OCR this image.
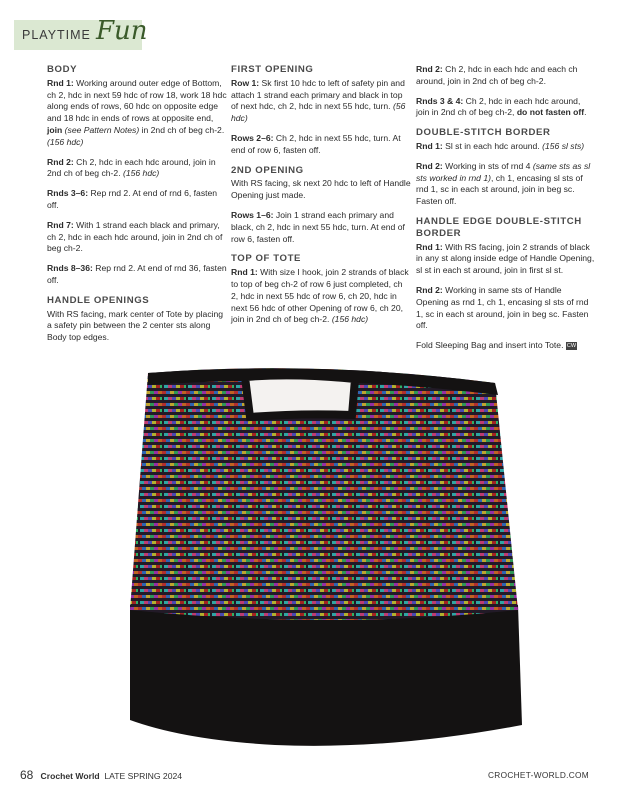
PLAYTIME Fun
BODY
Rnd 1: Working around outer edge of Bottom, ch 2, hdc in next 59 hdc of row 18, work 18 hdc along ends of rows, 60 hdc on opposite edge and 18 hdc in ends of rows at opposite end, join (see Pattern Notes) in 2nd ch of beg ch-2. (156 hdc)
Rnd 2: Ch 2, hdc in each hdc around, join in 2nd ch of beg ch-2. (156 hdc)
Rnds 3–6: Rep rnd 2. At end of rnd 6, fasten off.
Rnd 7: With 1 strand each black and primary, ch 2, hdc in each hdc around, join in 2nd ch of beg ch-2.
Rnds 8–36: Rep rnd 2. At end of rnd 36, fasten off.
HANDLE OPENINGS
With RS facing, mark center of Tote by placing a safety pin between the 2 center sts along Body top edges.
FIRST OPENING
Row 1: Sk first 10 hdc to left of safety pin and attach 1 strand each primary and black in top of next hdc, ch 2, hdc in next 55 hdc, turn. (56 hdc)
Rows 2–6: Ch 2, hdc in next 55 hdc, turn. At end of row 6, fasten off.
2ND OPENING
With RS facing, sk next 20 hdc to left of Handle Opening just made.
Rows 1–6: Join 1 strand each primary and black, ch 2, hdc in next 55 hdc, turn. At end of row 6, fasten off.
TOP OF TOTE
Rnd 1: With size I hook, join 2 strands of black to top of beg ch-2 of row 6 just completed, ch 2, hdc in next 55 hdc of row 6, ch 20, hdc in next 56 hdc of other Opening of row 6, ch 20, join in 2nd ch of beg ch-2. (156 hdc)
Rnd 2: Ch 2, hdc in each hdc and each ch around, join in 2nd ch of beg ch-2.
Rnds 3 & 4: Ch 2, hdc in each hdc around, join in 2nd ch of beg ch-2, do not fasten off.
DOUBLE-STITCH BORDER
Rnd 1: Sl st in each hdc around. (156 sl sts)
Rnd 2: Working in sts of rnd 4 (same sts as sl sts worked in rnd 1), ch 1, encasing sl sts of rnd 1, sc in each st around, join in beg sc. Fasten off.
HANDLE EDGE DOUBLE-STITCH BORDER
Rnd 1: With RS facing, join 2 strands of black in any st along inside edge of Handle Opening, sl st in each st around, join in first sl st.
Rnd 2: Working in same sts of Handle Opening as rnd 1, ch 1, encasing sl sts of rnd 1, sc in each st around, join in beg sc. Fasten off.
Fold Sleeping Bag and insert into Tote. CW
68 Crochet World LATE SPRING 2024	CROCHET-WORLD.COM
